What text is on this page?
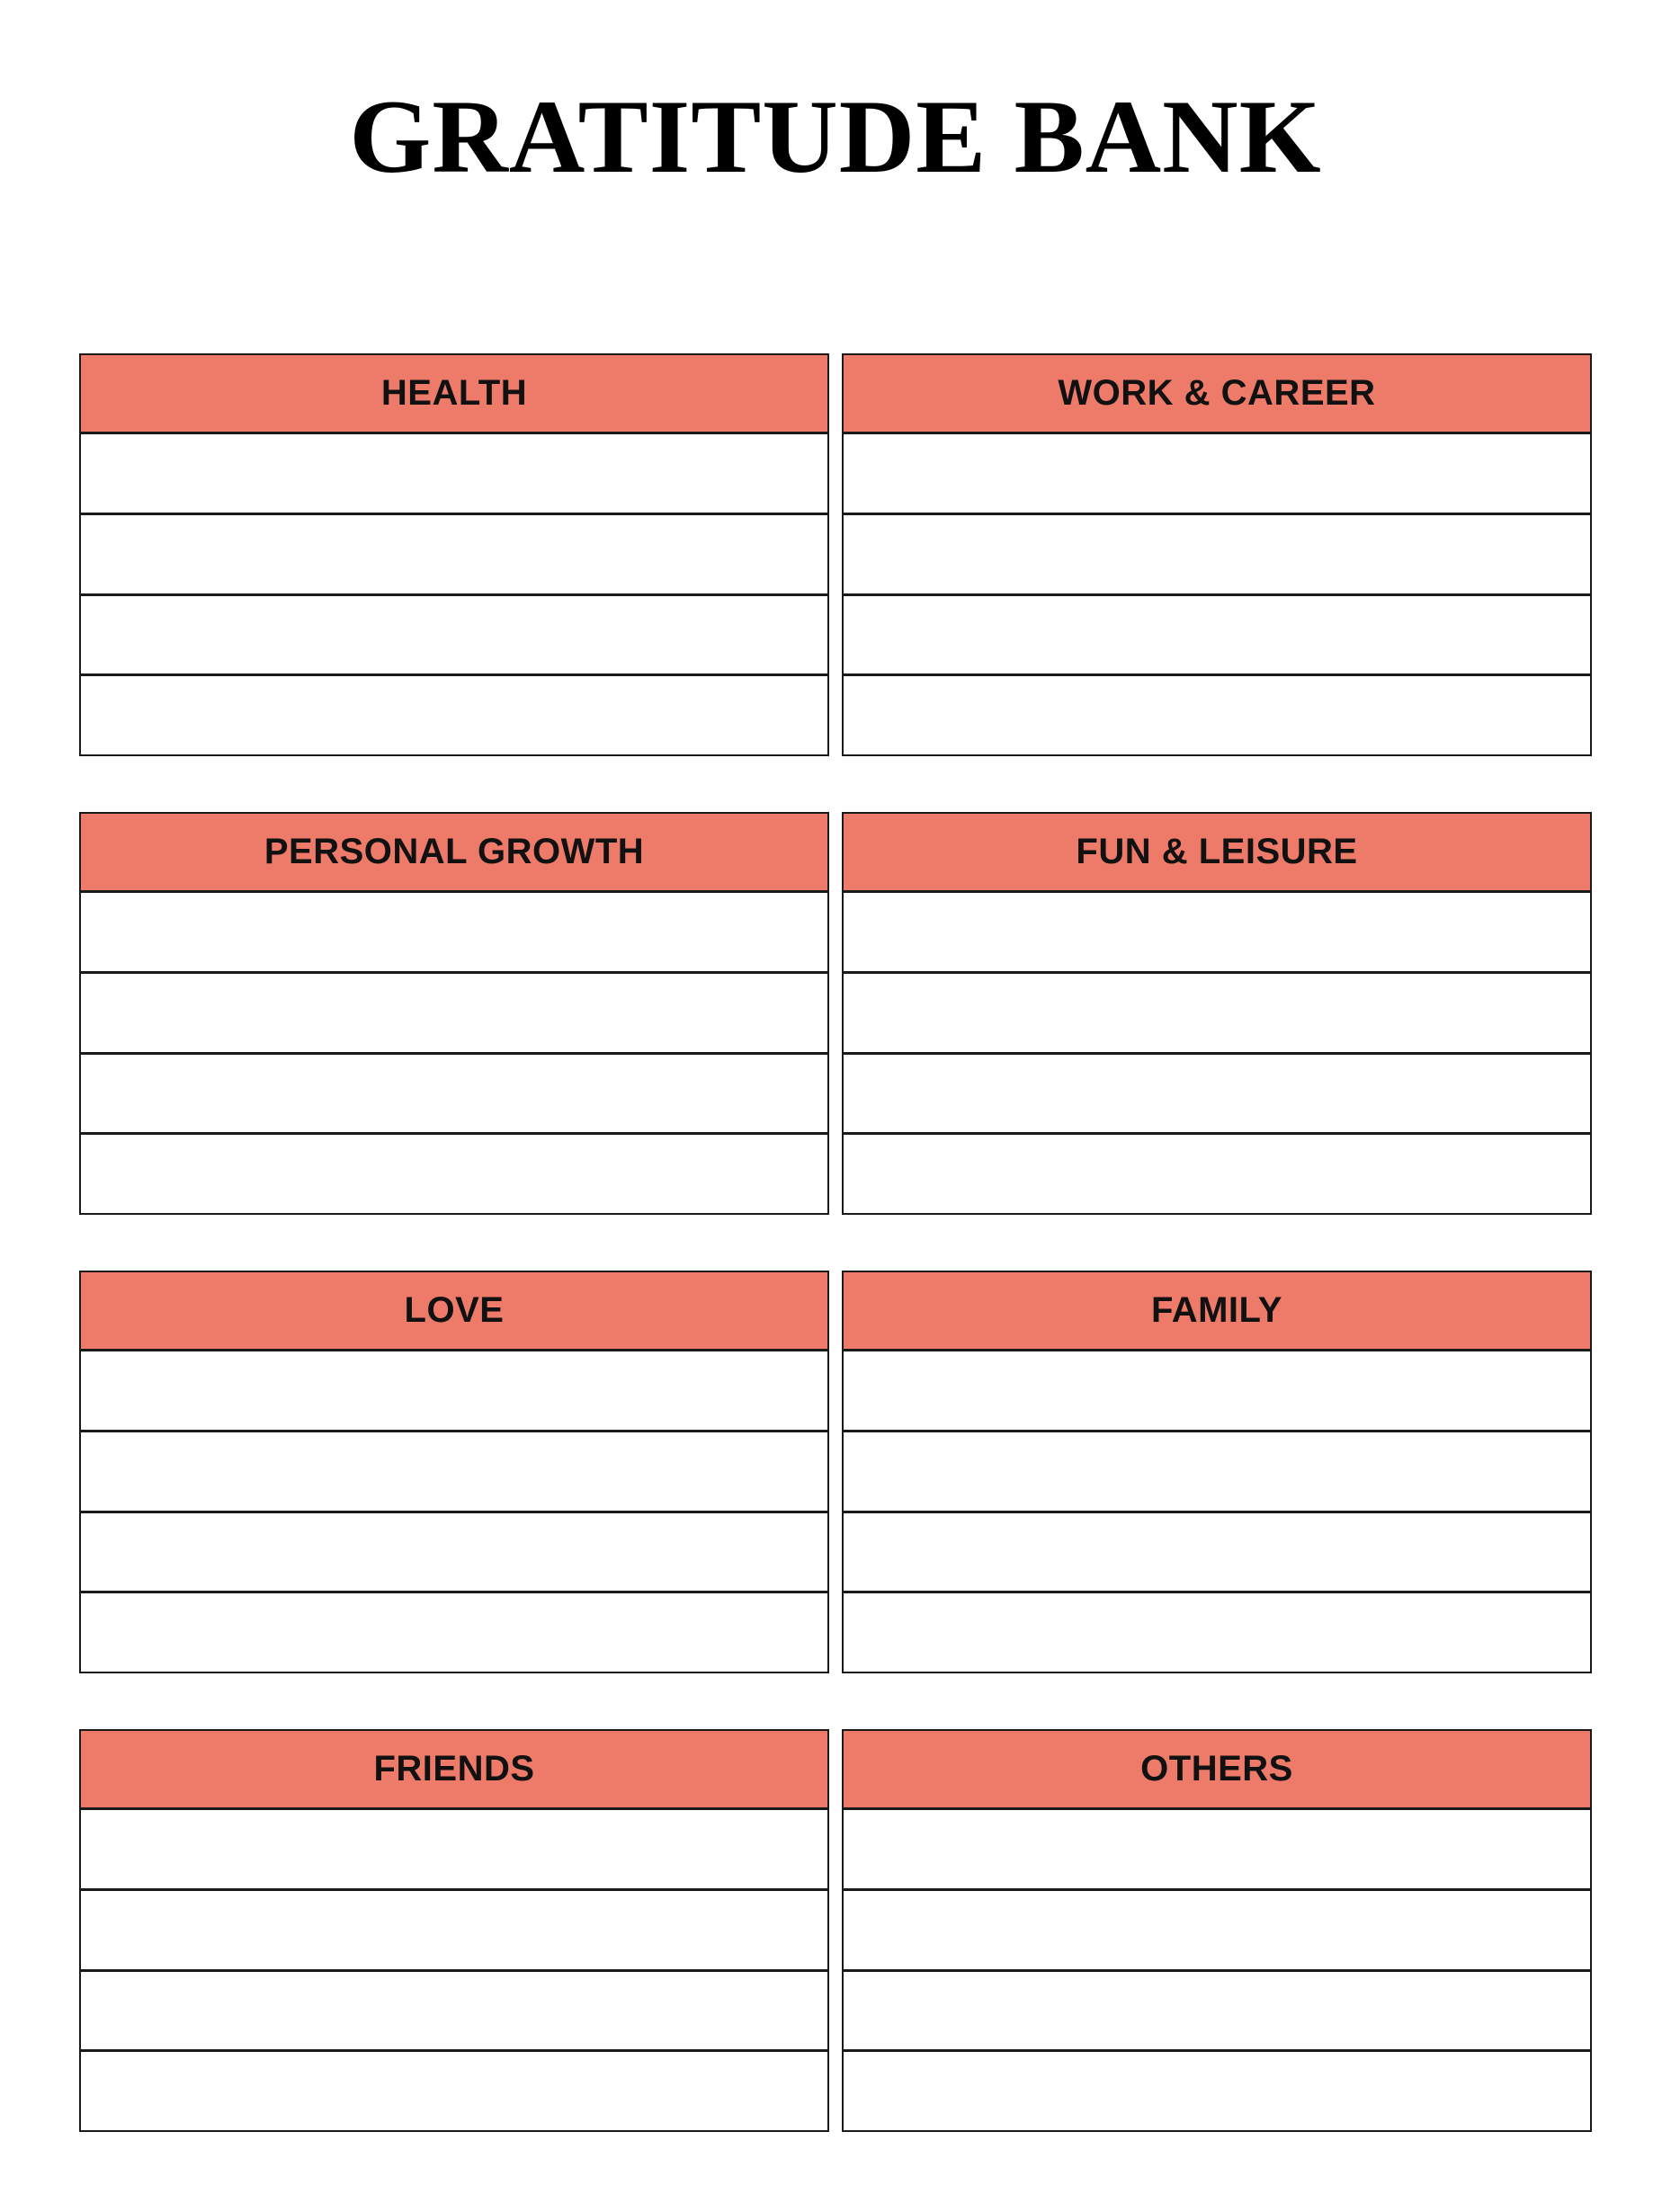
GRATITUDE BANK
HEALTH	WORK & CAREER
PERSONAL GROWTH	FUN & LEISURE
LOVE	FAMILY
FRIENDS	OTHERS
